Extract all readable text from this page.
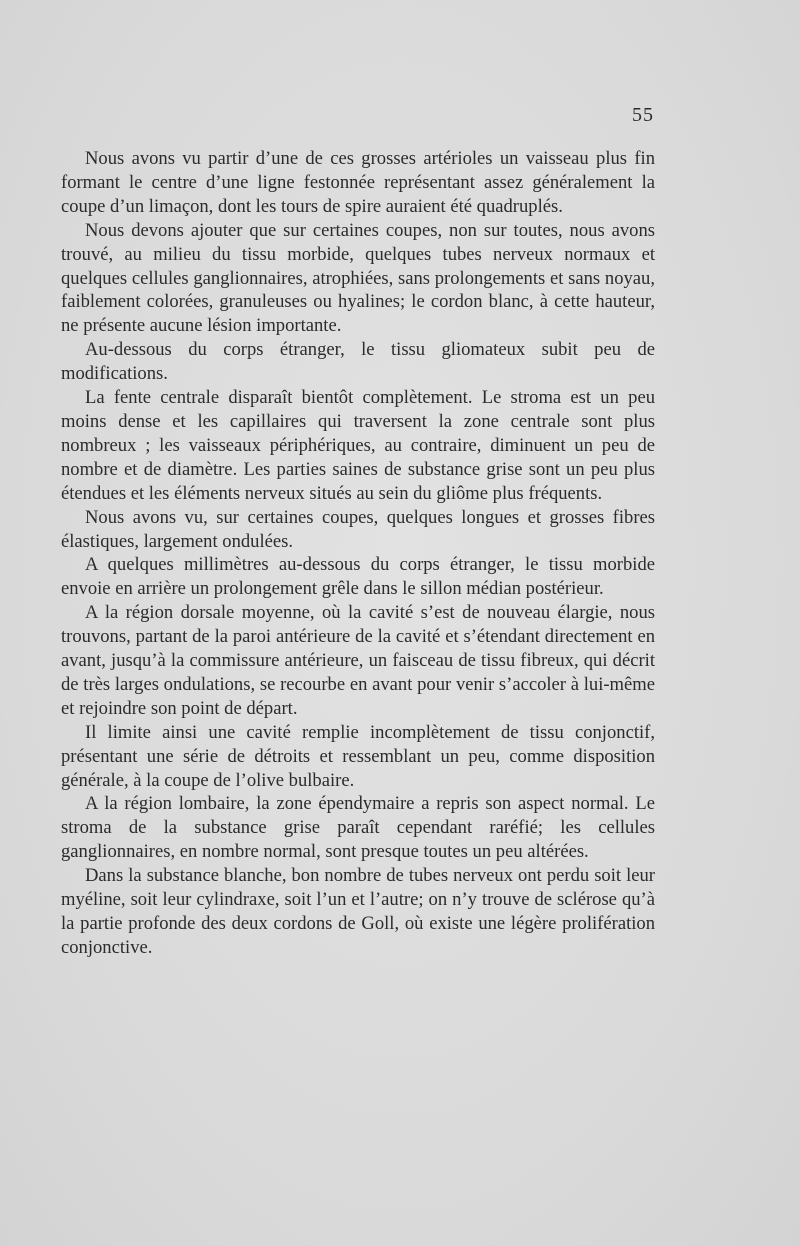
55

Nous avons vu partir d’une de ces grosses artérioles un vaisseau plus fin formant le centre d’une ligne festonnée représentant assez généralement la coupe d’un limaçon, dont les tours de spire auraient été quadruplés.

Nous devons ajouter que sur certaines coupes, non sur toutes, nous avons trouvé, au milieu du tissu morbide, quelques tubes nerveux normaux et quelques cellules ganglionnaires, atrophiées, sans prolongements et sans noyau, faiblement colorées, granuleuses ou hyalines; le cordon blanc, à cette hauteur, ne présente aucune lésion importante.

Au-dessous du corps étranger, le tissu gliomateux subit peu de modifications.

La fente centrale disparaît bientôt complètement. Le stroma est un peu moins dense et les capillaires qui traversent la zone centrale sont plus nombreux ; les vaisseaux périphériques, au contraire, diminuent un peu de nombre et de diamètre. Les parties saines de substance grise sont un peu plus étendues et les éléments nerveux situés au sein du gliôme plus fréquents.

Nous avons vu, sur certaines coupes, quelques longues et grosses fibres élastiques, largement ondulées.

A quelques millimètres au-dessous du corps étranger, le tissu morbide envoie en arrière un prolongement grêle dans le sillon médian postérieur.

A la région dorsale moyenne, où la cavité s’est de nouveau élargie, nous trouvons, partant de la paroi antérieure de la cavité et s’étendant directement en avant, jusqu’à la commissure antérieure, un faisceau de tissu fibreux, qui décrit de très larges ondulations, se recourbe en avant pour venir s’accoler à lui-même et rejoindre son point de départ.

Il limite ainsi une cavité remplie incomplètement de tissu conjonctif, présentant une série de détroits et ressemblant un peu, comme disposition générale, à la coupe de l’olive bulbaire.

A la région lombaire, la zone épendymaire a repris son aspect normal. Le stroma de la substance grise paraît cependant raréfié; les cellules ganglionnaires, en nombre normal, sont presque toutes un peu altérées.

Dans la substance blanche, bon nombre de tubes nerveux ont perdu soit leur myéline, soit leur cylindraxe, soit l’un et l’autre; on n’y trouve de sclérose qu’à la partie profonde des deux cordons de Goll, où existe une légère prolifération conjonctive.
